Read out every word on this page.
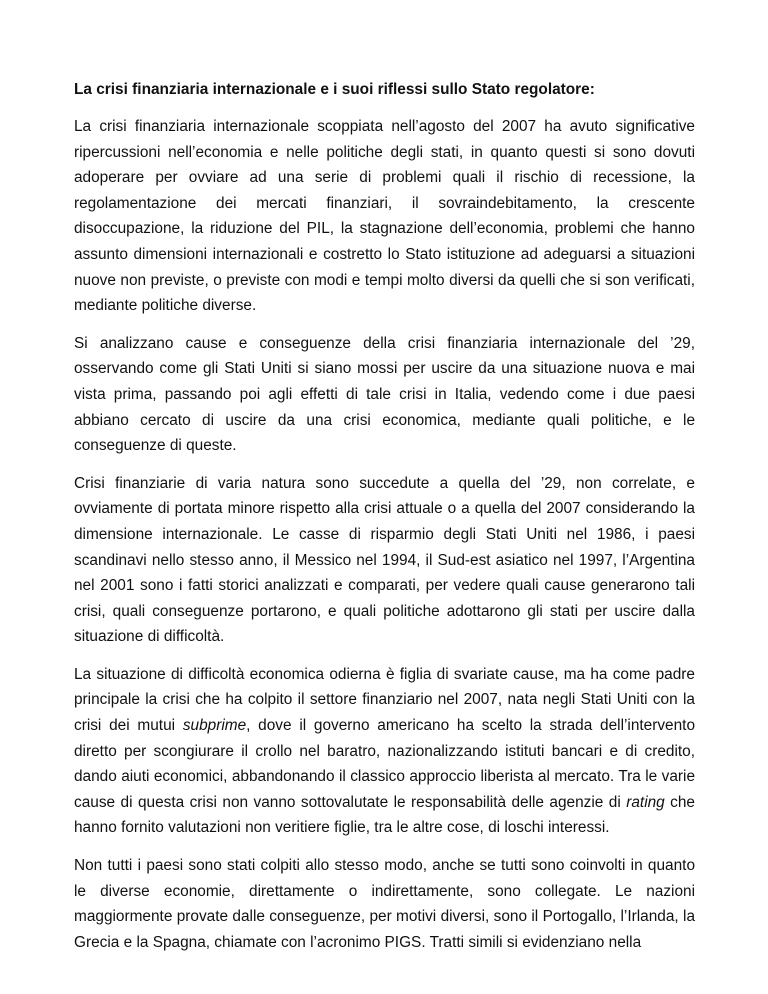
La crisi finanziaria internazionale e i suoi riflessi sullo Stato regolatore:

La crisi finanziaria internazionale scoppiata nell’agosto del 2007 ha avuto significative ripercussioni nell’economia e nelle politiche degli stati, in quanto questi si sono dovuti adoperare per ovviare ad una serie di problemi quali il rischio di recessione, la regolamentazione dei mercati finanziari, il sovraindebitamento, la crescente disoccupazione, la riduzione del PIL, la stagnazione dell’economia, problemi che hanno assunto dimensioni internazionali e costretto lo Stato istituzione ad adeguarsi a situazioni nuove non previste, o previste con modi e tempi molto diversi da quelli che si son verificati, mediante politiche diverse.

Si analizzano cause e conseguenze della crisi finanziaria internazionale del ’29, osservando come gli Stati Uniti si siano mossi per uscire da una situazione nuova e mai vista prima, passando poi agli effetti di tale crisi in Italia, vedendo come i due paesi abbiano cercato di uscire da una crisi economica, mediante quali politiche, e le conseguenze di queste.

Crisi finanziarie di varia natura sono succedute a quella del ’29, non correlate, e ovviamente di portata minore rispetto alla crisi attuale o a quella del 2007 considerando la dimensione internazionale. Le casse di risparmio degli Stati Uniti nel 1986, i paesi scandinavi nello stesso anno, il Messico nel 1994, il Sud-est asiatico nel 1997, l’Argentina nel 2001 sono i fatti storici analizzati e comparati, per vedere quali cause generarono tali crisi, quali conseguenze portarono, e quali politiche adottarono gli stati per uscire dalla situazione di difficoltà.

La situazione di difficoltà economica odierna è figlia di svariate cause, ma ha come padre principale la crisi che ha colpito il settore finanziario nel 2007, nata negli Stati Uniti con la crisi dei mutui subprime, dove il governo americano ha scelto la strada dell’intervento diretto per scongiurare il crollo nel baratro, nazionalizzando istituti bancari e di credito, dando aiuti economici, abbandonando il classico approccio liberista al mercato. Tra le varie cause di questa crisi non vanno sottovalutate le responsabilità delle agenzie di rating che hanno fornito valutazioni non veritiere figlie, tra le altre cose, di loschi interessi.

Non tutti i paesi sono stati colpiti allo stesso modo, anche se tutti sono coinvolti in quanto le diverse economie, direttamente o indirettamente, sono collegate. Le nazioni maggiormente provate dalle conseguenze, per motivi diversi, sono il Portogallo, l’Irlanda, la Grecia e la Spagna, chiamate con l’acronimo PIGS. Tratti simili si evidenziano nella
